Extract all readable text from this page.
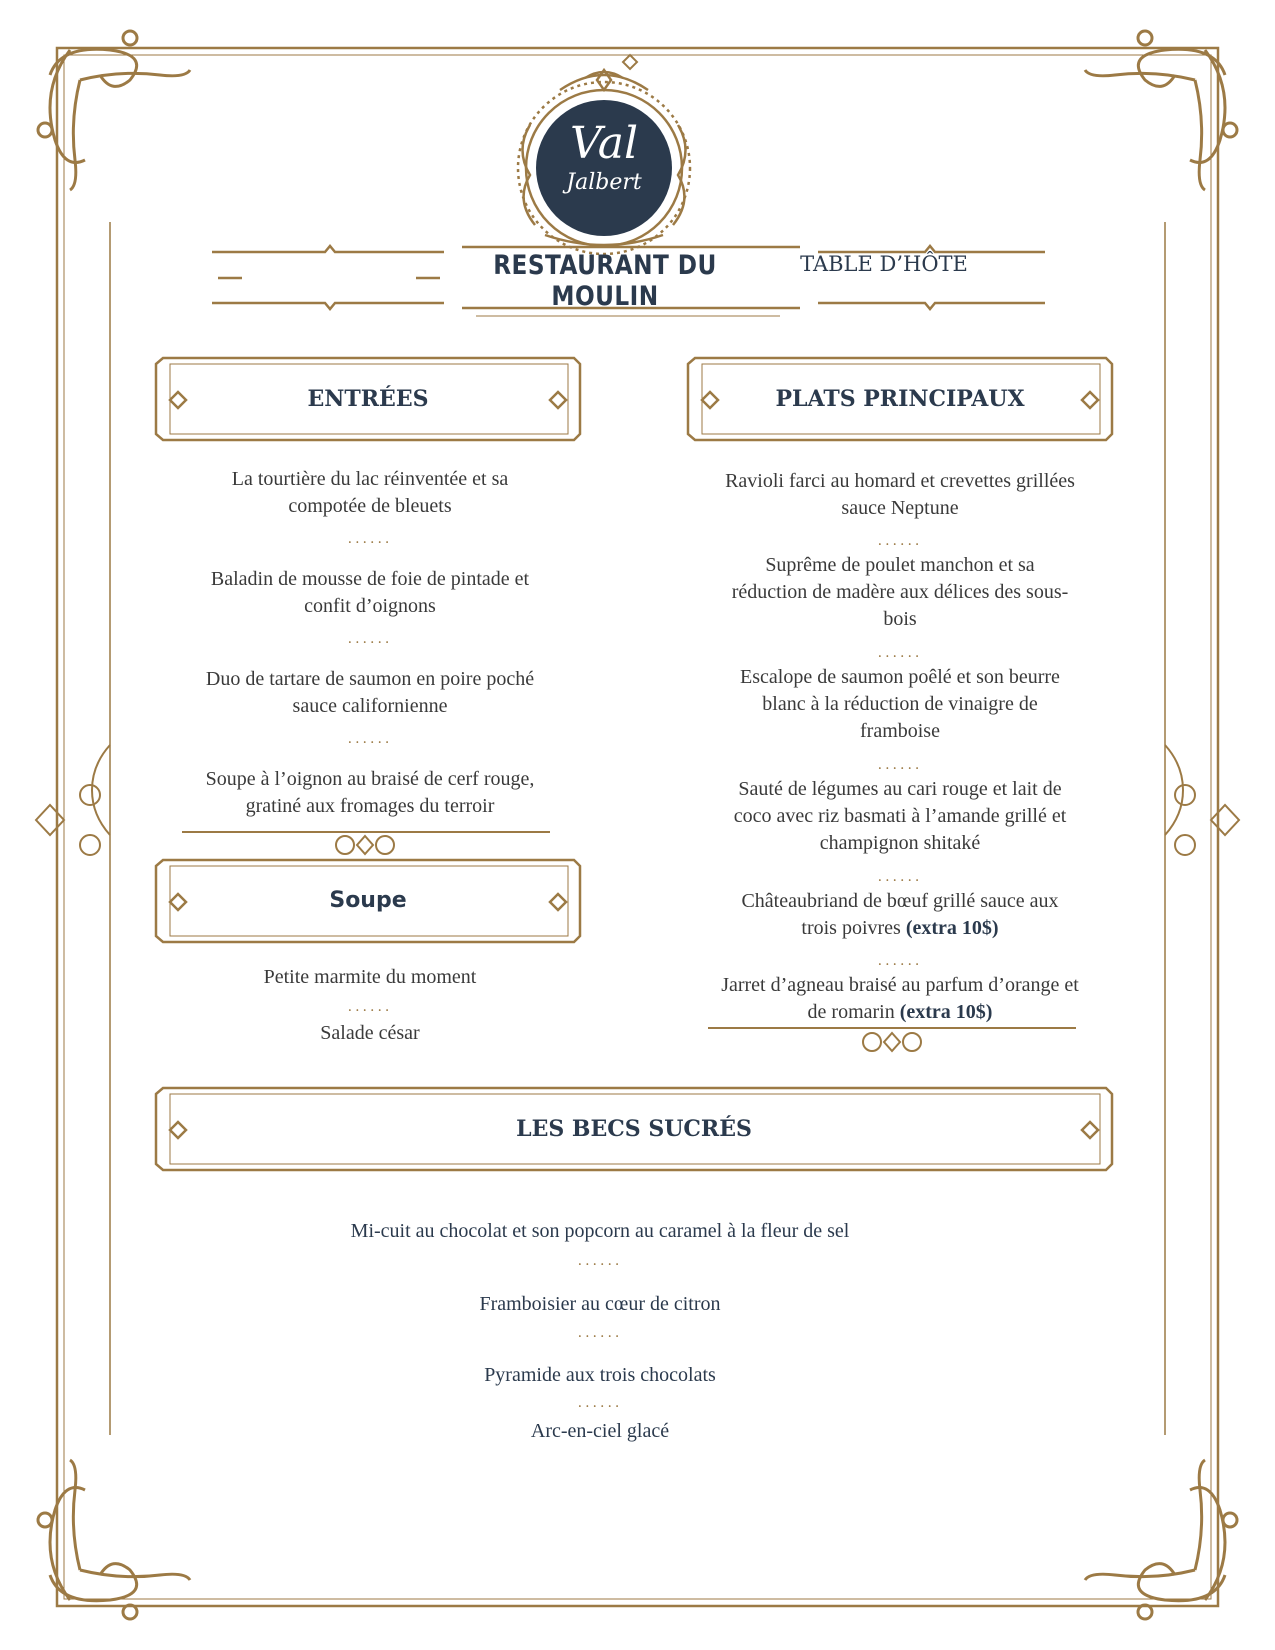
Val
Jalbert
RESTAURANT DU MOULIN
TABLE D’HÔTE
ENTRÉES
La tourtière du lac réinventée et sa
compotée de bleuets
......
Baladin de mousse de foie de pintade et
confit d’oignons
......
Duo de tartare de saumon en poire poché
sauce californienne
......
Soupe à l’oignon au braisé de cerf rouge,
gratiné aux fromages du terroir
Soupe
Petite marmite du moment
......
Salade césar
PLATS PRINCIPAUX
Ravioli farci au homard et crevettes grillées
sauce Neptune
......
Suprême de poulet manchon et sa
réduction de madère aux délices des sous-
bois
......
Escalope de saumon poêlé et son beurre
blanc à la réduction de vinaigre de
framboise
......
Sauté de légumes au cari rouge et lait de
coco avec riz basmati à l’amande grillé et
champignon shitaké
......
Châteaubriand de bœuf grillé sauce aux
trois poivres (extra 10$)
......
Jarret d’agneau braisé au parfum d’orange et
de romarin (extra 10$)
LES BECS SUCRÉS
Mi-cuit au chocolat et son popcorn au caramel à la fleur de sel
......
Framboisier au cœur de citron
......
Pyramide aux trois chocolats
......
Arc-en-ciel glacé
